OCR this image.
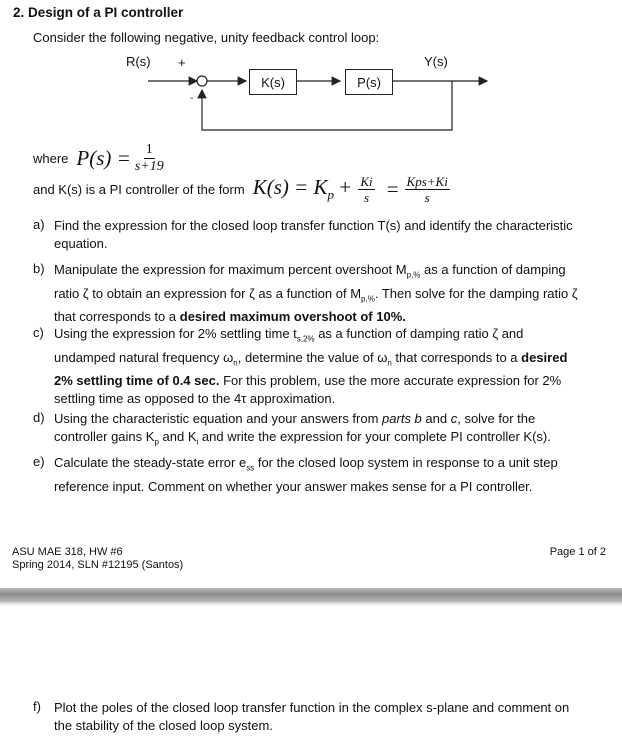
2. Design of a PI controller
Consider the following negative, unity feedback control loop:
R(s) +
-
K(s)	P(s)
Y(s)
where $P(s) = \frac{1}{s+19}$
and K(s) is a PI controller of the form $K(s) = K_p + \frac{Ki}{s} = \frac{\text{Kps+Ki}}{s}$
a) Find the expression for the closed loop transfer function T(s) and identify the characteristic equation.
b) Manipulate the expression for maximum percent overshoot $M_{p,\%}$ as a function of damping ratio ζ to obtain an expression for ζ as a function of $M_{p,\%}$. Then solve for the damping ratio ζ that corresponds to a desired maximum overshoot of 10%.
c) Using the expression for 2% settling time $t_{s,2\%}$ as a function of damping ratio ζ and undamped natural frequency $\omega_n$, determine the value of $\omega_n$ that corresponds to a desired 2% settling time of 0.4 sec. For this problem, use the more accurate expression for 2% settling time as opposed to the 4τ approximation.
d) Using the characteristic equation and your answers from parts b and c, solve for the controller gains $K_p$ and $K_i$ and write the expression for your complete PI controller K(s).
e) Calculate the steady-state error $e_{ss}$ for the closed loop system in response to a unit step reference input. Comment on whether your answer makes sense for a PI controller.
ASU MAE 318, HW #6
Spring 2014, SLN #12195 (Santos)
Page 1 of 2
f) Plot the poles of the closed loop transfer function in the complex s-plane and comment on the stability of the closed loop system.
